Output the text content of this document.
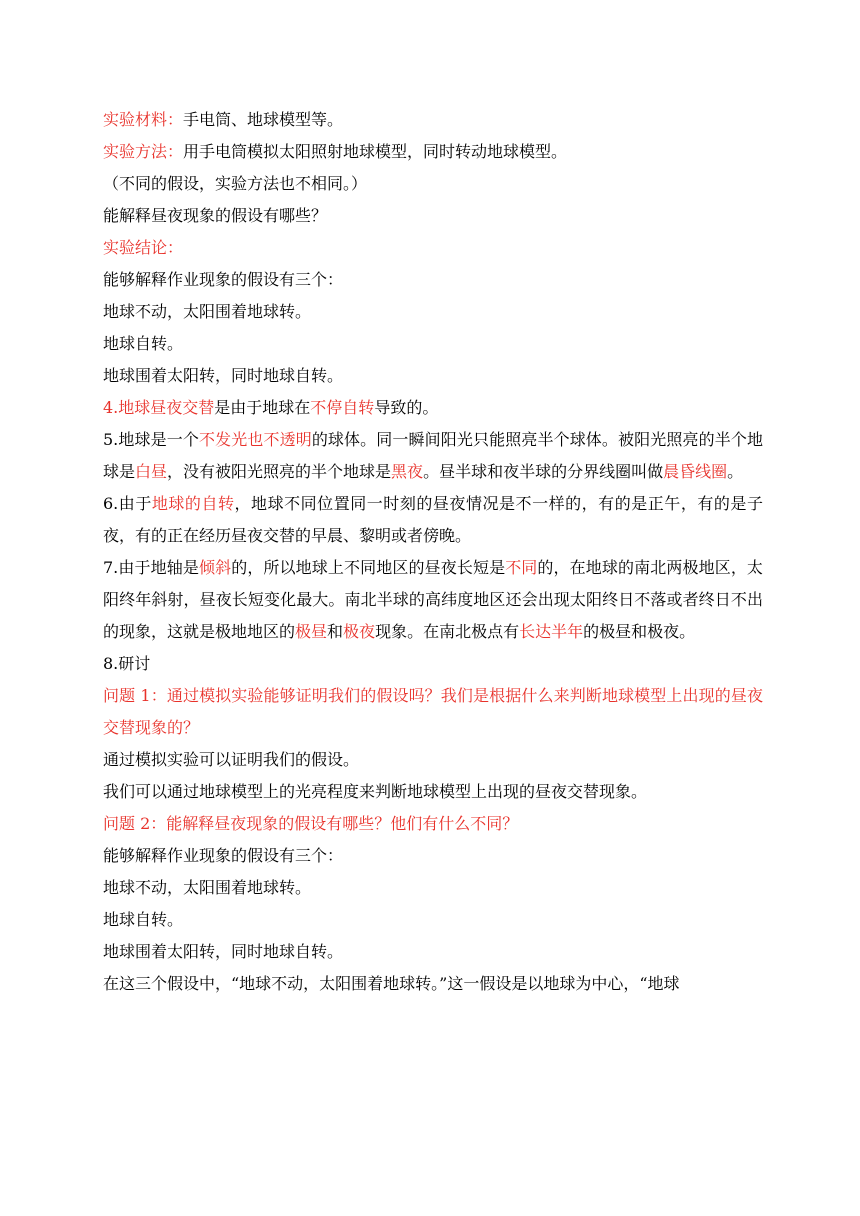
实验材料：手电筒、地球模型等。
实验方法：用手电筒模拟太阳照射地球模型，同时转动地球模型。
（不同的假设，实验方法也不相同。）
能解释昼夜现象的假设有哪些？
实验结论：
能够解释作业现象的假设有三个：
地球不动，太阳围着地球转。
地球自转。
地球围着太阳转，同时地球自转。
4.地球昼夜交替是由于地球在不停自转导致的。
5.地球是一个不发光也不透明的球体。同一瞬间阳光只能照亮半个球体。被阳光照亮的半个地球是白昼，没有被阳光照亮的半个地球是黑夜。昼半球和夜半球的分界线圈叫做晨昏线圈。
6.由于地球的自转，地球不同位置同一时刻的昼夜情况是不一样的，有的是正午，有的是子夜，有的正在经历昼夜交替的早晨、黎明或者傍晚。
7.由于地轴是倾斜的，所以地球上不同地区的昼夜长短是不同的，在地球的南北两极地区，太阳终年斜射，昼夜长短变化最大。南北半球的高纬度地区还会出现太阳终日不落或者终日不出的现象，这就是极地地区的极昼和极夜现象。在南北极点有长达半年的极昼和极夜。
8.研讨
问题 1：通过模拟实验能够证明我们的假设吗？我们是根据什么来判断地球模型上出现的昼夜交替现象的？
通过模拟实验可以证明我们的假设。
我们可以通过地球模型上的光亮程度来判断地球模型上出现的昼夜交替现象。
问题 2：能解释昼夜现象的假设有哪些？他们有什么不同？
能够解释作业现象的假设有三个：
地球不动，太阳围着地球转。
地球自转。
地球围着太阳转，同时地球自转。
在这三个假设中，“地球不动，太阳围着地球转。”这一假设是以地球为中心，“地球
